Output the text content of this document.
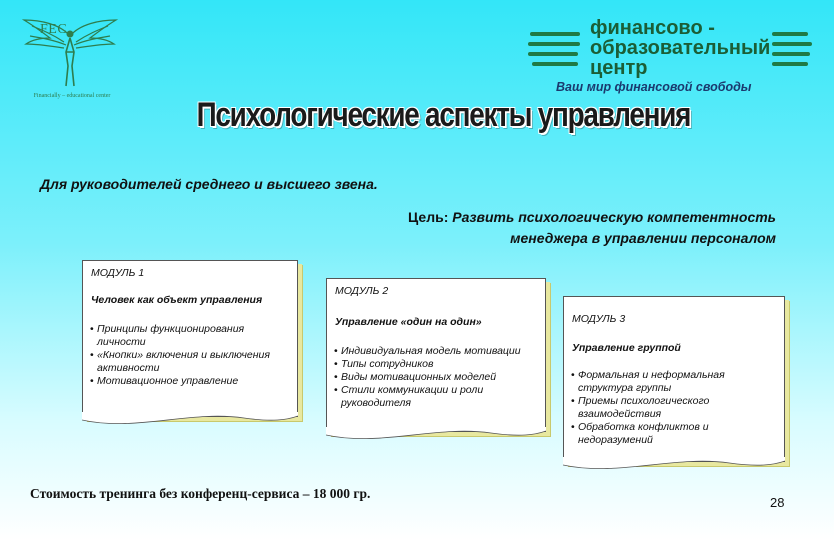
FEC
Financially – educational center
финансово -
образовательный
центр
Ваш мир финансовой свободы
Психологические аспекты управления
Для руководителей среднего и высшего звена.
Цель: Развить психологическую компетентность
менеджера в управлении персоналом
МОДУЛЬ 1
Человек как объект управления
• Принципы функционирования личности
• «Кнопки» включения и выключения активности
• Мотивационное управление
МОДУЛЬ 2
Управление «один на один»
• Индивидуальная модель мотивации
• Типы сотрудников
• Виды мотивационных моделей
• Стили коммуникации и роли руководителя
МОДУЛЬ 3
Управление группой
• Формальная и неформальная структура группы
• Приемы психологического взаимодействия
• Обработка конфликтов и недоразумений
Стоимость тренинга без конференц-сервиса – 18 000 гр.
28
